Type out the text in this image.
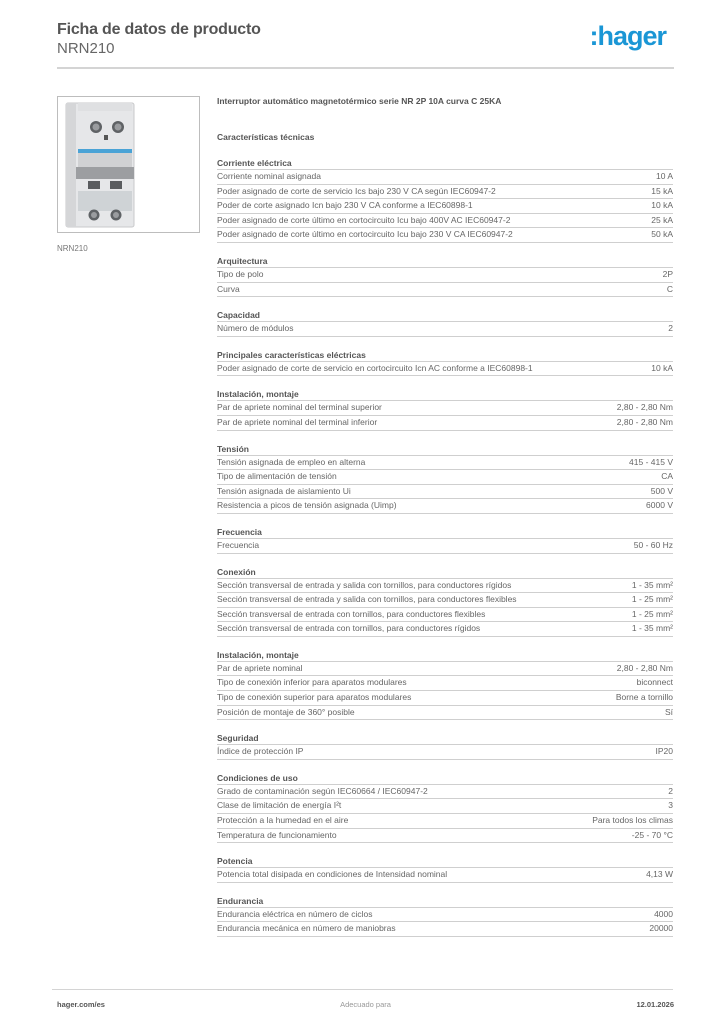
Ficha de datos de producto
NRN210	:hager
NRN210
Interruptor automático magnetotérmico serie NR 2P 10A curva C 25KA
Características técnicas
Corriente eléctrica
Corriente nominal asignada	10 A
Poder asignado de corte de servicio Ics bajo 230 V CA según IEC60947-2	15 kA
Poder de corte asignado Icn bajo 230 V CA conforme a IEC60898-1	10 kA
Poder asignado de corte último en cortocircuito Icu bajo 400V AC IEC60947-2	25 kA
Poder asignado de corte último en cortocircuito Icu bajo 230 V CA IEC60947-2	50 kA
Arquitectura
Tipo de polo	2P
Curva	C
Capacidad
Número de módulos	2
Principales características eléctricas
Poder asignado de corte de servicio en cortocircuito Icn AC conforme a IEC60898-1	10 kA
Instalación, montaje
Par de apriete nominal del terminal superior	2,80 - 2,80 Nm
Par de apriete nominal del terminal inferior	2,80 - 2,80 Nm
Tensión
Tensión asignada de empleo en alterna	415 - 415 V
Tipo de alimentación de tensión	CA
Tensión asignada de aislamiento Ui	500 V
Resistencia a picos de tensión asignada (Uimp)	6000 V
Frecuencia
Frecuencia	50 - 60 Hz
Conexión
Sección transversal de entrada y salida con tornillos, para conductores rígidos	1 - 35 mm²
Sección transversal de entrada y salida con tornillos, para conductores flexibles	1 - 25 mm²
Sección transversal de entrada con tornillos, para conductores flexibles	1 - 25 mm²
Sección transversal de entrada con tornillos, para conductores rígidos	1 - 35 mm²
Instalación, montaje
Par de apriete nominal	2,80 - 2,80 Nm
Tipo de conexión inferior para aparatos modulares	biconnect
Tipo de conexión superior para aparatos modulares	Borne a tornillo
Posición de montaje de 360° posible	Sí
Seguridad
Índice de protección IP	IP20
Condiciones de uso
Grado de contaminación según IEC60664 / IEC60947-2	2
Clase de limitación de energía I²t	3
Protección a la humedad en el aire	Para todos los climas
Temperatura de funcionamiento	-25 - 70 °C
Potencia
Potencia total disipada en condiciones de Intensidad nominal	4,13 W
Endurancia
Endurancia eléctrica en número de ciclos	4000
Endurancia mecánica en número de maniobras	20000
hager.com/es	Adecuado para	12.01.2026
